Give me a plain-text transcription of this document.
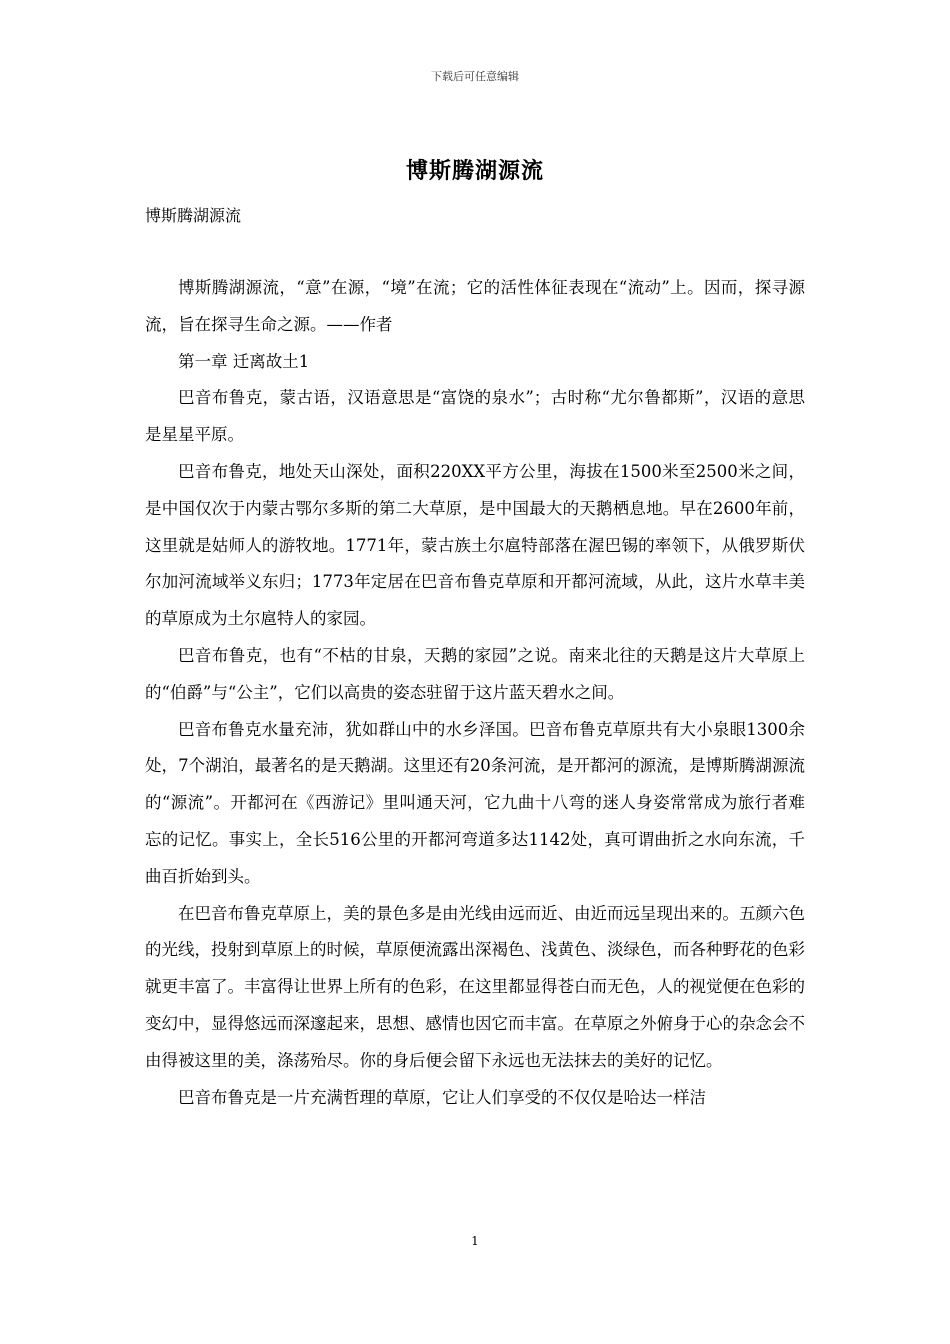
下载后可任意编辑
博斯腾湖源流
博斯腾湖源流

博斯腾湖源流，“意”在源，“境”在流；它的活性体征表现在“流动”上。因而，探寻源流，旨在探寻生命之源。——作者

第一章 迁离故土1

巴音布鲁克，蒙古语，汉语意思是“富饶的泉水”；古时称“尤尔鲁都斯”，汉语的意思是星星平原。

巴音布鲁克，地处天山深处，面积220XX平方公里，海拔在1500米至2500米之间，是中国仅次于内蒙古鄂尔多斯的第二大草原，是中国最大的天鹅栖息地。早在2600年前， 这里就是姑师人的游牧地。1771年，蒙古族土尔扈特部落在渥巴锡的率领下，从俄罗斯伏尔加河流域举义东归；1773年定居在巴音布鲁克草原和开都河流域，从此，这片水草丰美的草原成为土尔扈特人的家园。

巴音布鲁克，也有“不枯的甘泉，天鹅的家园”之说。南来北往的天鹅是这片大草原上的“伯爵”与“公主”，它们以高贵的姿态驻留于这片蓝天碧水之间。

巴音布鲁克水量充沛，犹如群山中的水乡泽国。巴音布鲁克草原共有大小泉眼1300余处，7个湖泊，最著名的是天鹅湖。这里还有20条河流，是开都河的源流，是博斯腾湖源流的“源流”。开都河在《西游记》里叫通天河，它九曲十八弯的迷人身姿常常成为旅行者难忘的记忆。事实上，全长516公里的开都河弯道多达1142处，真可谓曲折之水向东流，千曲百折始到头。

在巴音布鲁克草原上，美的景色多是由光线由远而近、由近而远呈现出来的。五颜六色的光线，投射到草原上的时候，草原便流露出深褐色、浅黄色、淡绿色，而各种野花的色彩就更丰富了。丰富得让世界上所有的色彩，在这里都显得苍白而无色，人的视觉便在色彩的变幻中，显得悠远而深邃起来，思想、感情也因它而丰富。在草原之外俯身于心的杂念会不由得被这里的美，涤荡殆尽。你的身后便会留下永远也无法抹去的美好的记忆。

巴音布鲁克是一片充满哲理的草原，它让人们享受的不仅仅是哈达一样洁

1
